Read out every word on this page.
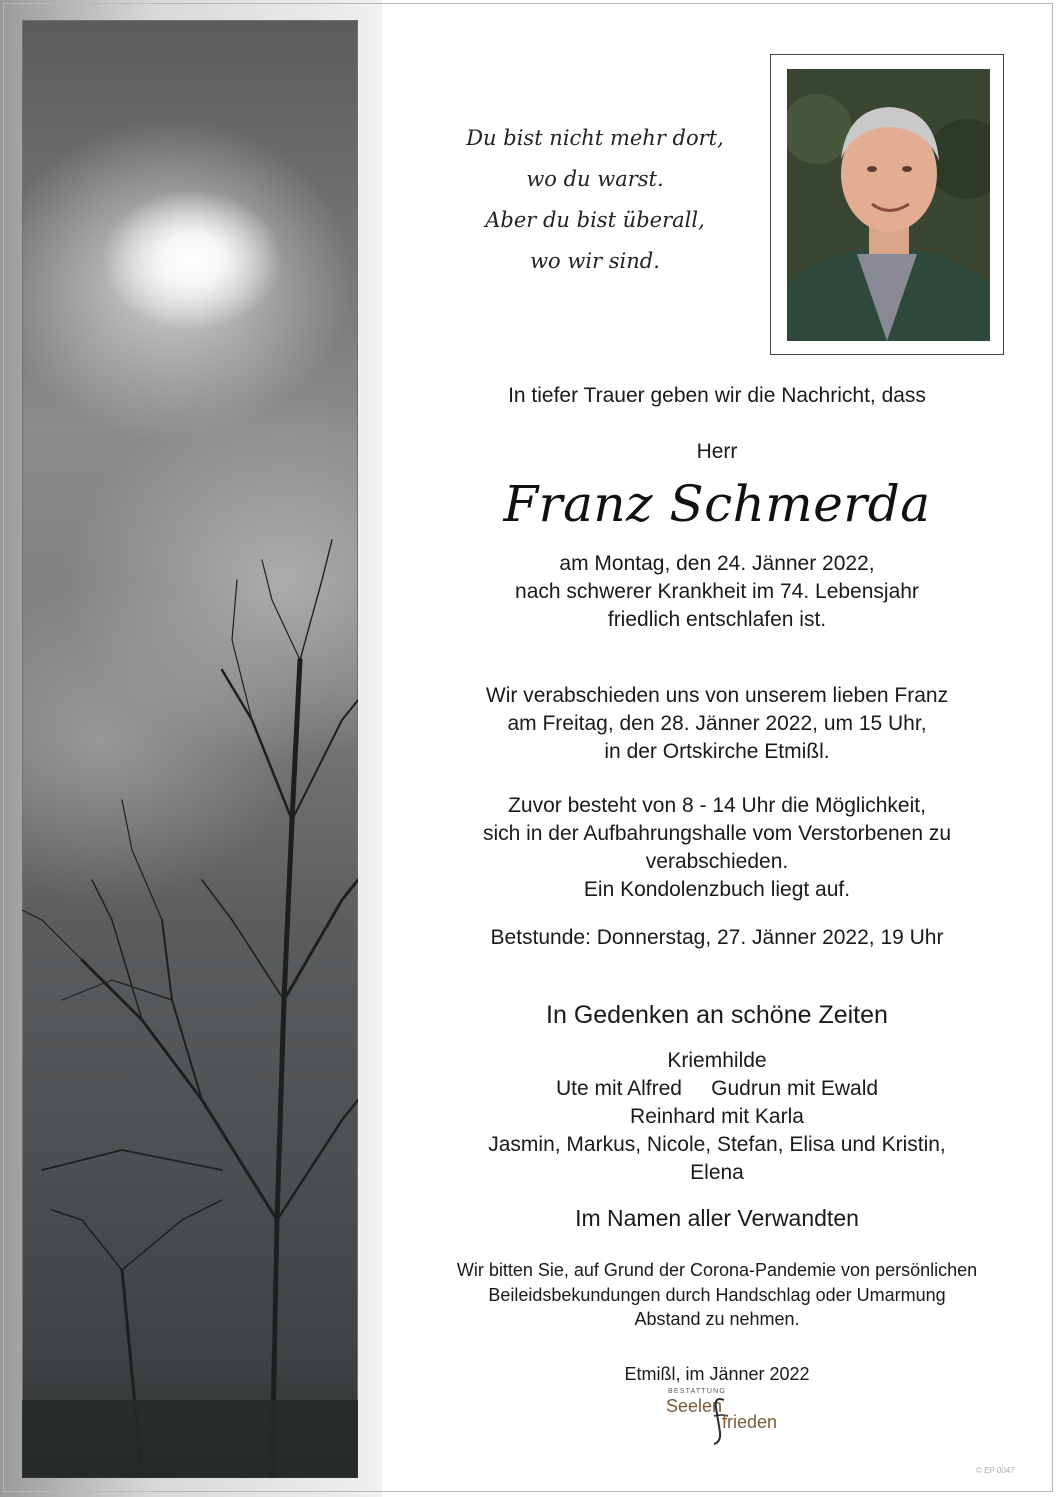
Du bist nicht mehr dort,
wo du warst.
Aber du bist überall,
wo wir sind.
In tiefer Trauer geben wir die Nachricht, dass
Herr
Franz Schmerda
am Montag, den 24. Jänner 2022,
nach schwerer Krankheit im 74. Lebensjahr
friedlich entschlafen ist.
Wir verabschieden uns von unserem lieben Franz
am Freitag, den 28. Jänner 2022, um 15 Uhr,
in der Ortskirche Etmißl.
Zuvor besteht von 8 - 14 Uhr die Möglichkeit,
sich in der Aufbahrungshalle vom Verstorbenen zu
verabschieden.
Ein Kondolenzbuch liegt auf.
Betstunde: Donnerstag, 27. Jänner 2022, 19 Uhr
In Gedenken an schöne Zeiten
Kriemhilde
Ute mit Alfred     Gudrun mit Ewald
Reinhard mit Karla
Jasmin, Markus, Nicole, Stefan, Elisa und Kristin,
Elena
Im Namen aller Verwandten
Wir bitten Sie, auf Grund der Corona-Pandemie von persönlichen
Beileidsbekundungen durch Handschlag oder Umarmung
Abstand zu nehmen.
Etmißl, im Jänner 2022
BESTATTUNG
Seelen
frieden
© EP 0047
